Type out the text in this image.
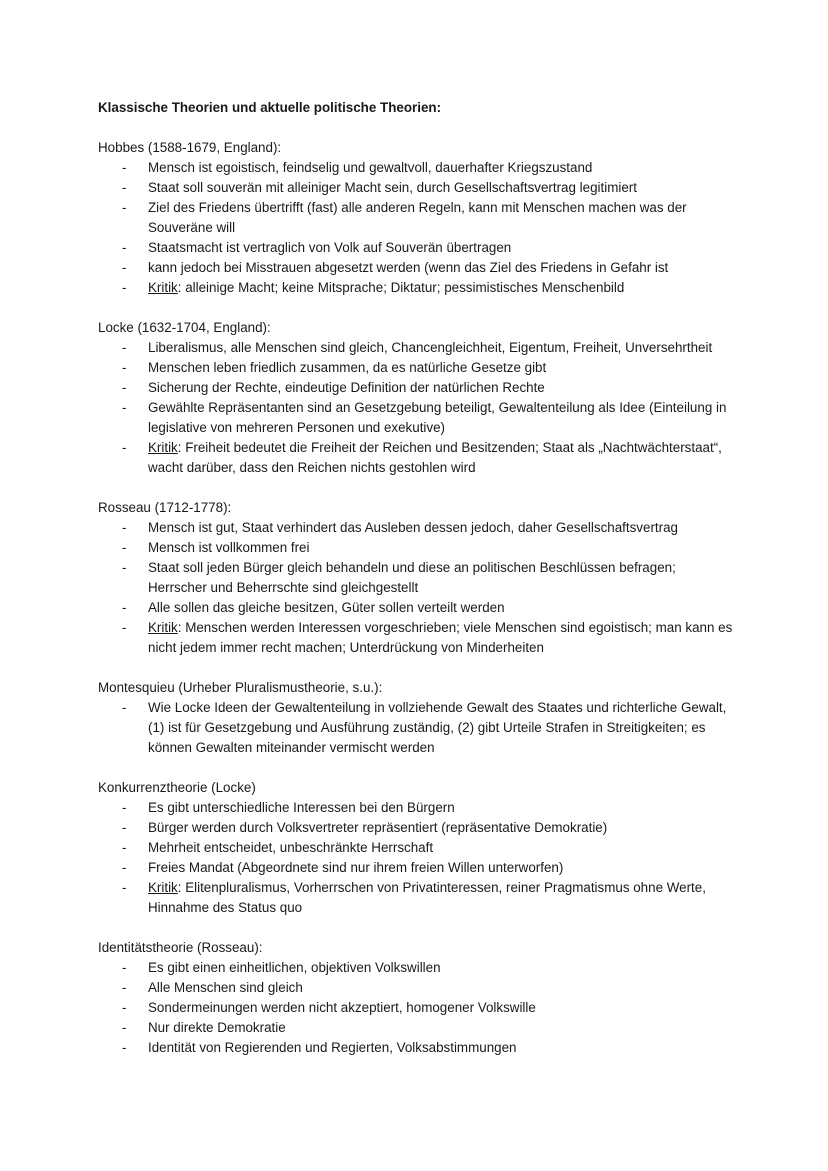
Klassische Theorien und aktuelle politische Theorien:

Hobbes (1588-1679, England):

- Mensch ist egoistisch, feindselig und gewaltvoll, dauerhafter Kriegszustand
- Staat soll souverän mit alleiniger Macht sein, durch Gesellschaftsvertrag legitimiert
- Ziel des Friedens übertrifft (fast) alle anderen Regeln, kann mit Menschen machen was der Souveräne will
- Staatsmacht ist vertraglich von Volk auf Souverän übertragen
- kann jedoch bei Misstrauen abgesetzt werden (wenn das Ziel des Friedens in Gefahr ist
- Kritik: alleinige Macht; keine Mitsprache; Diktatur; pessimistisches Menschenbild

Locke (1632-1704, England):

- Liberalismus, alle Menschen sind gleich, Chancengleichheit, Eigentum, Freiheit, Unversehrtheit
- Menschen leben friedlich zusammen, da es natürliche Gesetze gibt
- Sicherung der Rechte, eindeutige Definition der natürlichen Rechte
- Gewählte Repräsentanten sind an Gesetzgebung beteiligt, Gewaltenteilung als Idee (Einteilung in legislative von mehreren Personen und exekutive)
- Kritik: Freiheit bedeutet die Freiheit der Reichen und Besitzenden; Staat als „Nachtwächterstaat“, wacht darüber, dass den Reichen nichts gestohlen wird

Rosseau (1712-1778):

- Mensch ist gut, Staat verhindert das Ausleben dessen jedoch, daher Gesellschaftsvertrag
- Mensch ist vollkommen frei
- Staat soll jeden Bürger gleich behandeln und diese an politischen Beschlüssen befragen; Herrscher und Beherrschte sind gleichgestellt
- Alle sollen das gleiche besitzen, Güter sollen verteilt werden
- Kritik: Menschen werden Interessen vorgeschrieben; viele Menschen sind egoistisch; man kann es nicht jedem immer recht machen; Unterdrückung von Minderheiten

Montesquieu (Urheber Pluralismustheorie, s.u.):

- Wie Locke Ideen der Gewaltenteilung in vollziehende Gewalt des Staates und richterliche Gewalt, (1) ist für Gesetzgebung und Ausführung zuständig, (2) gibt Urteile Strafen in Streitigkeiten; es können Gewalten miteinander vermischt werden

Konkurrenztheorie (Locke)

- Es gibt unterschiedliche Interessen bei den Bürgern
- Bürger werden durch Volksvertreter repräsentiert (repräsentative Demokratie)
- Mehrheit entscheidet, unbeschränkte Herrschaft
- Freies Mandat (Abgeordnete sind nur ihrem freien Willen unterworfen)
- Kritik: Elitenpluralismus, Vorherrschen von Privatinteressen, reiner Pragmatismus ohne Werte, Hinnahme des Status quo

Identitätstheorie (Rosseau):

- Es gibt einen einheitlichen, objektiven Volkswillen
- Alle Menschen sind gleich
- Sondermeinungen werden nicht akzeptiert, homogener Volkswille
- Nur direkte Demokratie
- Identität von Regierenden und Regierten, Volksabstimmungen
